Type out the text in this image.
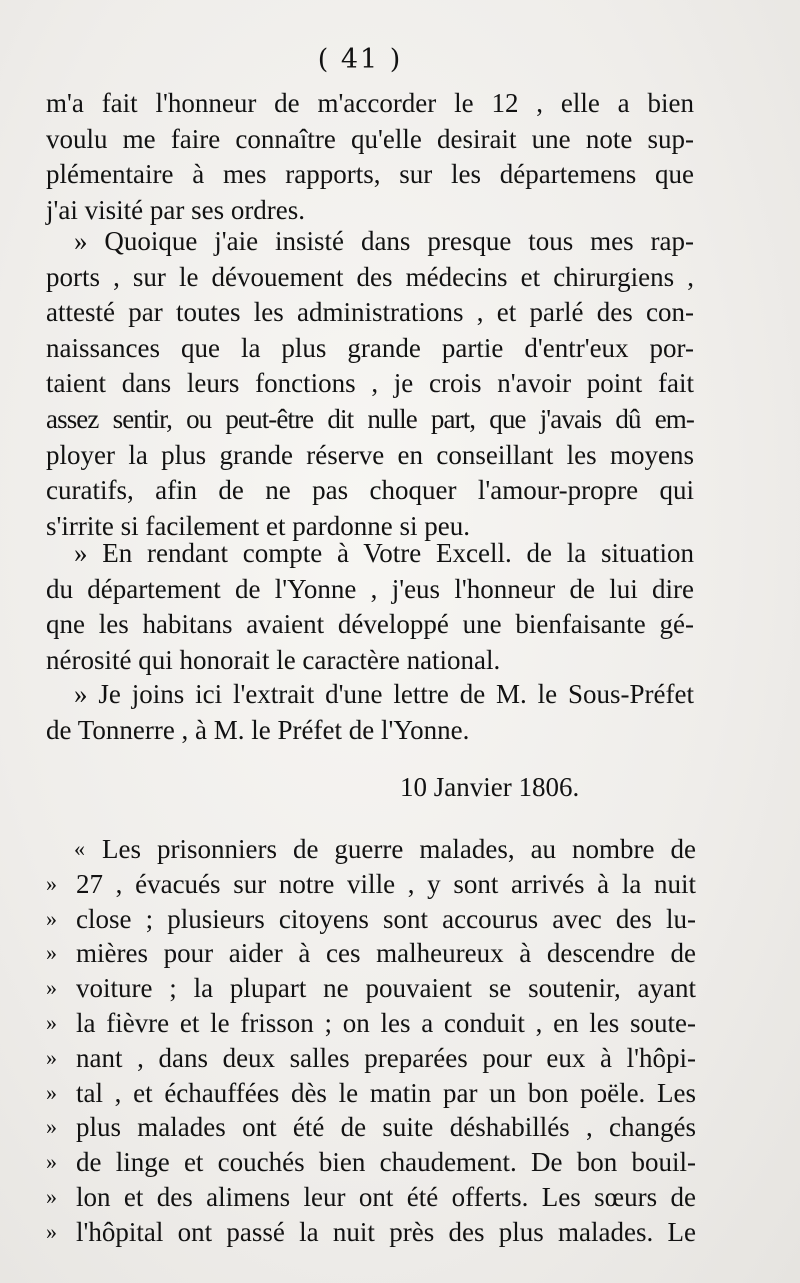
( 41 )
m'a fait l'honneur de m'accorder le 12 , elle a bien
voulu me faire connaître qu'elle desirait une note sup-
plémentaire à mes rapports, sur les départemens que
j'ai visité par ses ordres.
» Quoique j'aie insisté dans presque tous mes rap-
ports , sur le dévouement des médecins et chirurgiens ,
attesté par toutes les administrations , et parlé des con-
naissances que la plus grande partie d'entr'eux por-
taient dans leurs fonctions , je crois n'avoir point fait
assez sentir, ou peut-être dit nulle part, que j'avais dû em-
ployer la plus grande réserve en conseillant les moyens
curatifs, afin de ne pas choquer l'amour-propre qui
s'irrite si facilement et pardonne si peu.
» En rendant compte à Votre Excell. de la situation
du département de l'Yonne , j'eus l'honneur de lui dire
qne les habitans avaient développé une bienfaisante gé-
nérosité qui honorait le caractère national.
» Je joins ici l'extrait d'une lettre de M. le Sous-Préfet
de Tonnerre , à M. le Préfet de l'Yonne.
10 Janvier 1806.
« Les prisonniers de guerre malades, au nombre de
» 27 , évacués sur notre ville , y sont arrivés à la nuit
» close ; plusieurs citoyens sont accourus avec des lu-
» mières pour aider à ces malheureux à descendre de
» voiture ; la plupart ne pouvaient se soutenir, ayant
» la fièvre et le frisson ; on les a conduit , en les soute-
» nant , dans deux salles preparées pour eux à l'hôpi-
» tal , et échauffées dès le matin par un bon poële. Les
» plus malades ont été de suite déshabillés , changés
» de linge et couchés bien chaudement. De bon bouil-
» lon et des alimens leur ont été offerts. Les sœurs de
» l'hôpital ont passé la nuit près des plus malades. Le
